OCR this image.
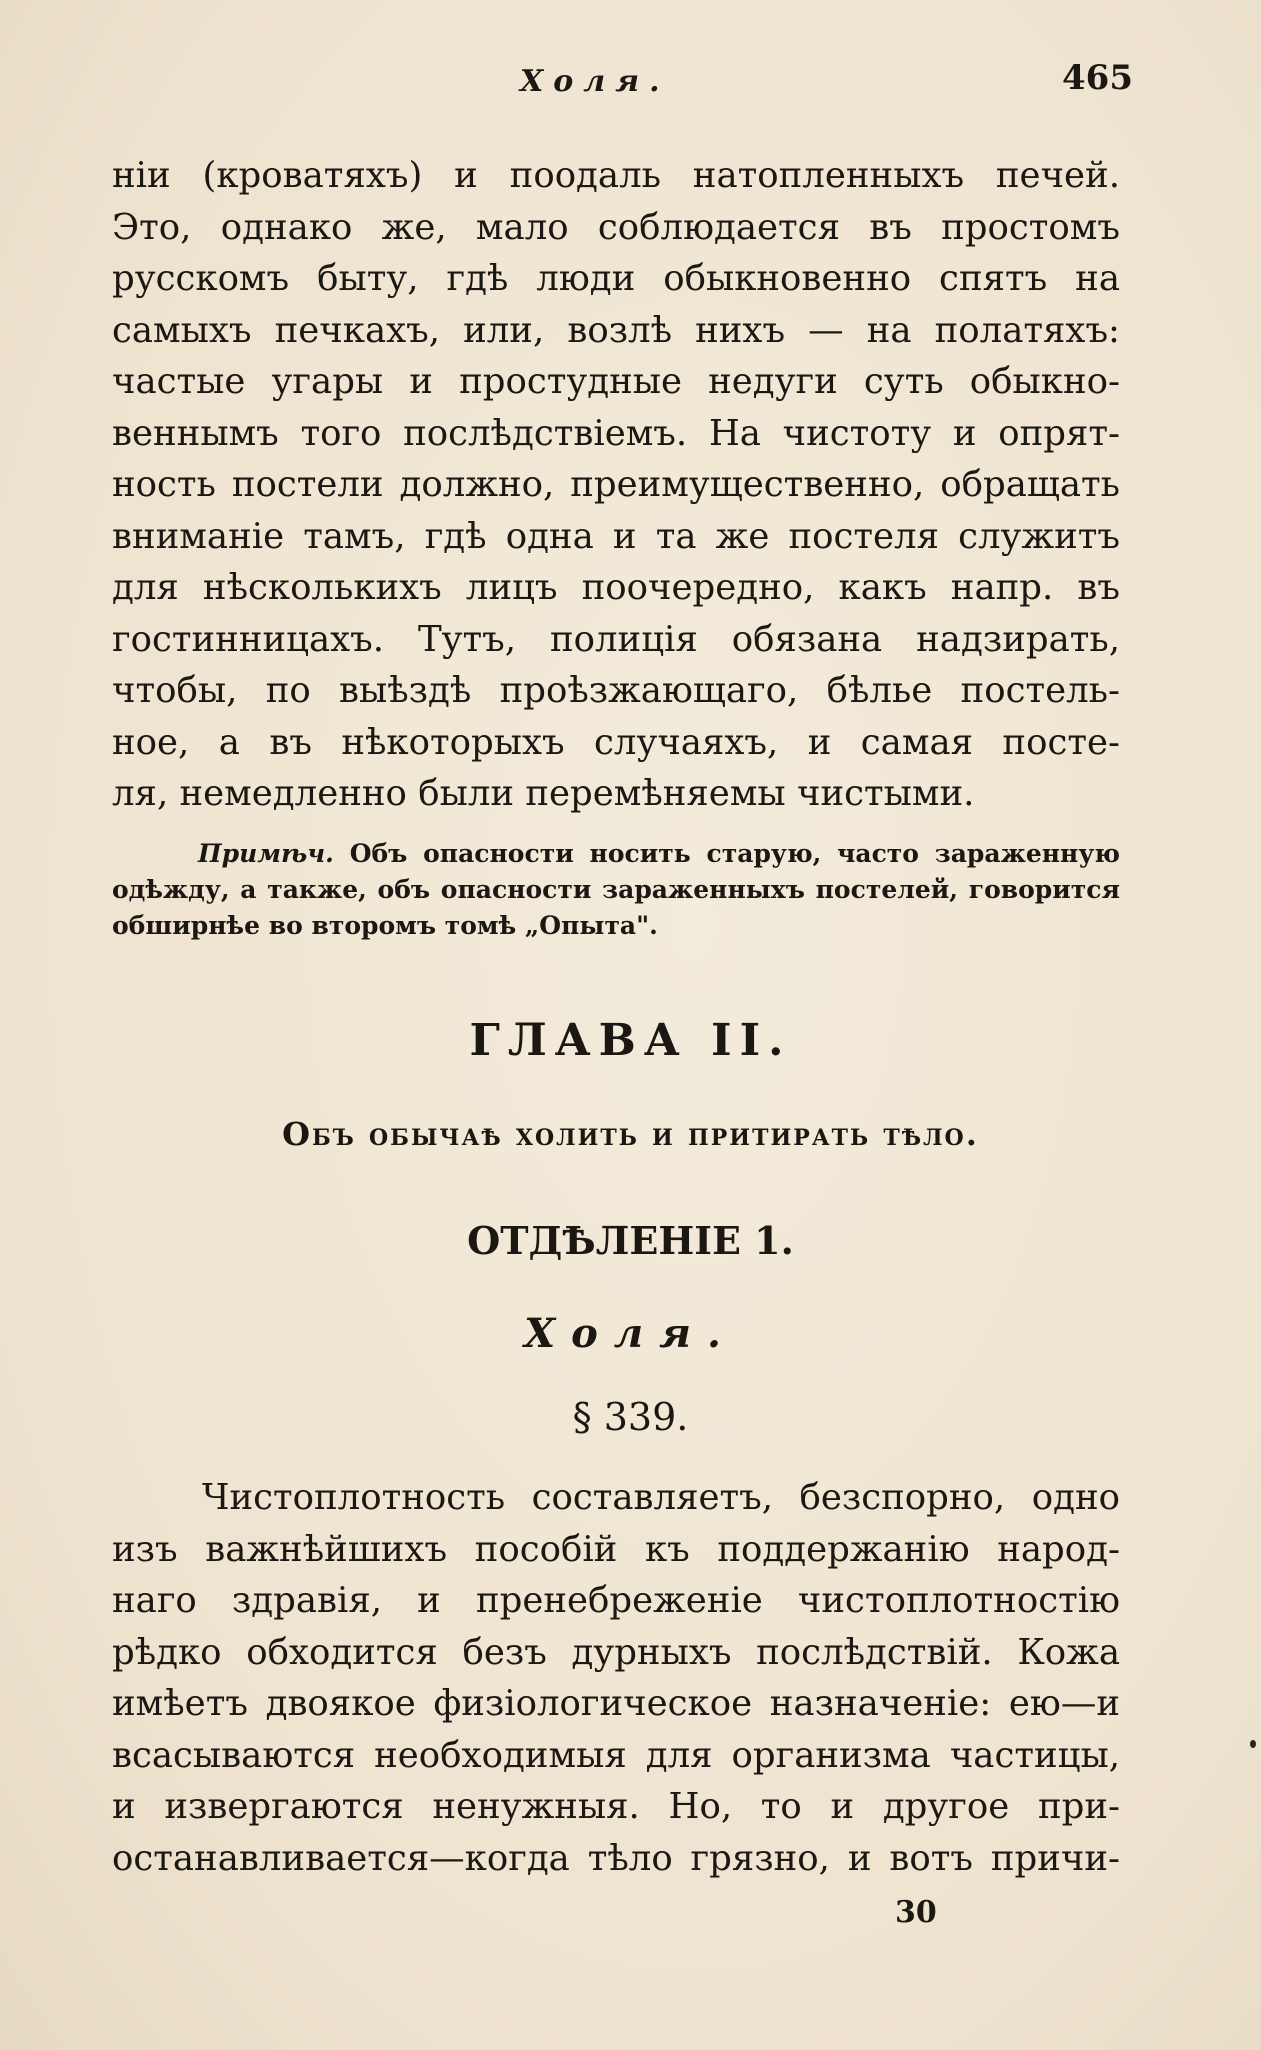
Холя.	465
нiи (кроватяхъ) и поодаль натопленныхъ печей.
Это, однако же, мало соблюдается въ простомъ
русскомъ быту, гдѣ люди обыкновенно спятъ на
самыхъ печкахъ, или, возлѣ нихъ — на полатяхъ:
частые угары и простудные недуги суть обыкно-
веннымъ того послѣдствiемъ. На чистоту и опрят-
ность постели должно, преимущественно, обращать
вниманiе тамъ, гдѣ одна и та же постеля служитъ
для нѣсколькихъ лицъ поочередно, какъ напр. въ
гостинницахъ. Тутъ, полицiя обязана надзирать,
чтобы, по выѣздѣ проѣзжающаго, бѣлье постель-
ное, а въ нѣкоторыхъ случаяхъ, и самая посте-
ля, немедленно были перемѣняемы чистыми.
Примѣч. Объ опасности носить старую, часто зараженную
одѣжду, а также, объ опасности зараженныхъ постелей, говорится
обширнѣе во второмъ томѣ „Опыта".
ГЛАВА II.
Объ обычаѣ холить и притирать тѣло.
ОТДѢЛЕНIЕ 1.
Холя.
§ 339.
Чистоплотность составляетъ, безспорно, одно
изъ важнѣйшихъ пособiй къ поддержанiю народ-
наго здравiя, и пренебреженiе чистоплотностiю
рѣдко обходится безъ дурныхъ послѣдствiй. Кожа
имѣетъ двоякое физiологическое назначенiе: ею—и
всасываются необходимыя для организма частицы,
и извергаются ненужныя. Но, то и другое при-
останавливается—когда тѣло грязно, и вотъ причи-
30
